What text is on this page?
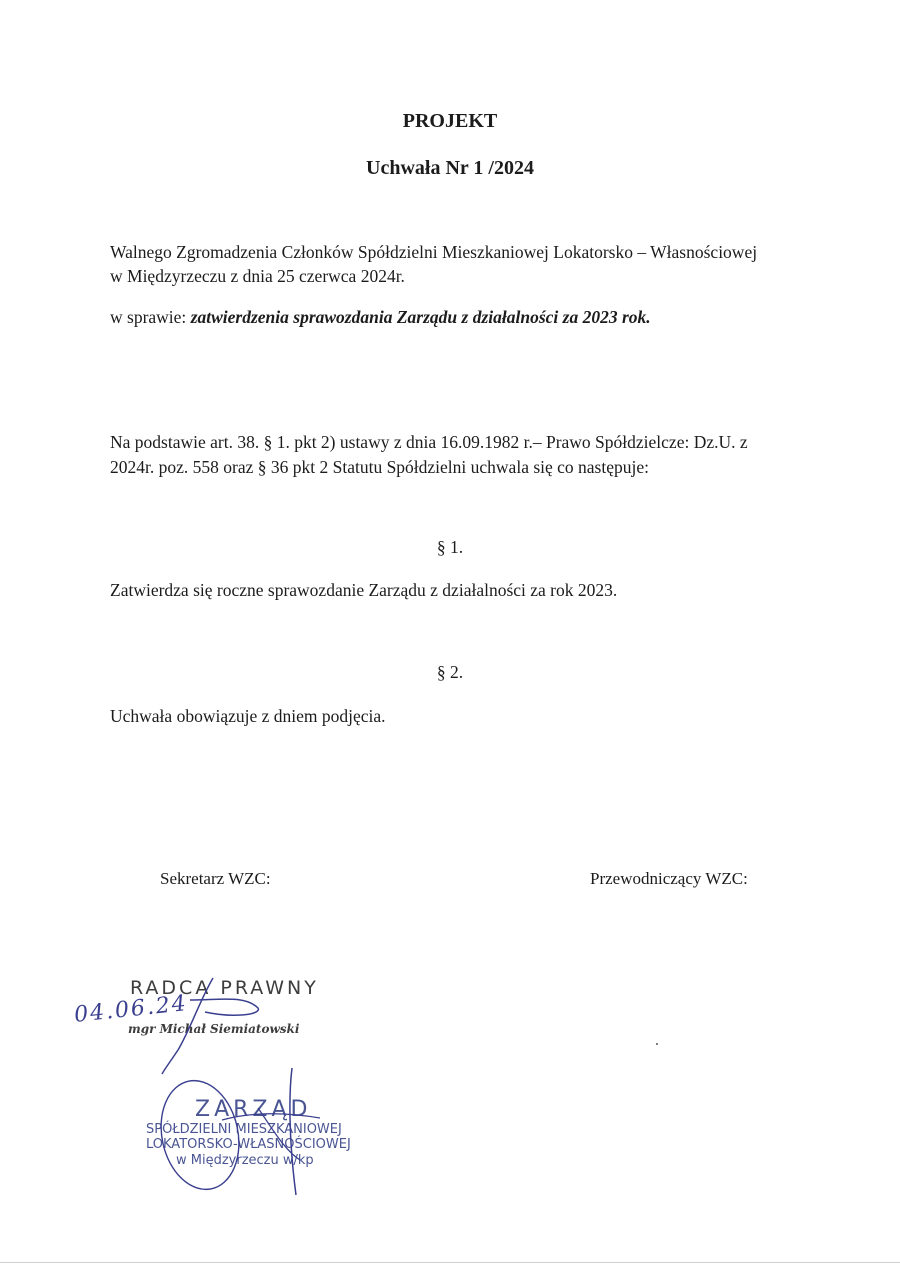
PROJEKT
Uchwała Nr 1 /2024
Walnego Zgromadzenia Członków Spółdzielni Mieszkaniowej Lokatorsko – Własnościowej
w Międzyrzeczu z dnia 25 czerwca 2024r.
w sprawie: zatwierdzenia sprawozdania Zarządu z działalności za 2023 rok.
Na podstawie art. 38. § 1. pkt 2) ustawy z dnia 16.09.1982 r.– Prawo Spółdzielcze: Dz.U. z
2024r. poz. 558 oraz § 36 pkt 2 Statutu Spółdzielni uchwala się co następuje:
§ 1.
Zatwierdza się roczne sprawozdanie Zarządu z działalności za rok 2023.
§ 2.
Uchwała obowiązuje z dniem podjęcia.
Sekretarz WZC:	Przewodniczący WZC:
RADCA PRAWNY
mgr Michał Siemiatowski
04.06.24
ZARZĄD
SPÓŁDZIELNI MIESZKANIOWEJ
LOKATORSKO-WŁASNOŚCIOWEJ
w Międzyrzeczu w/kp
